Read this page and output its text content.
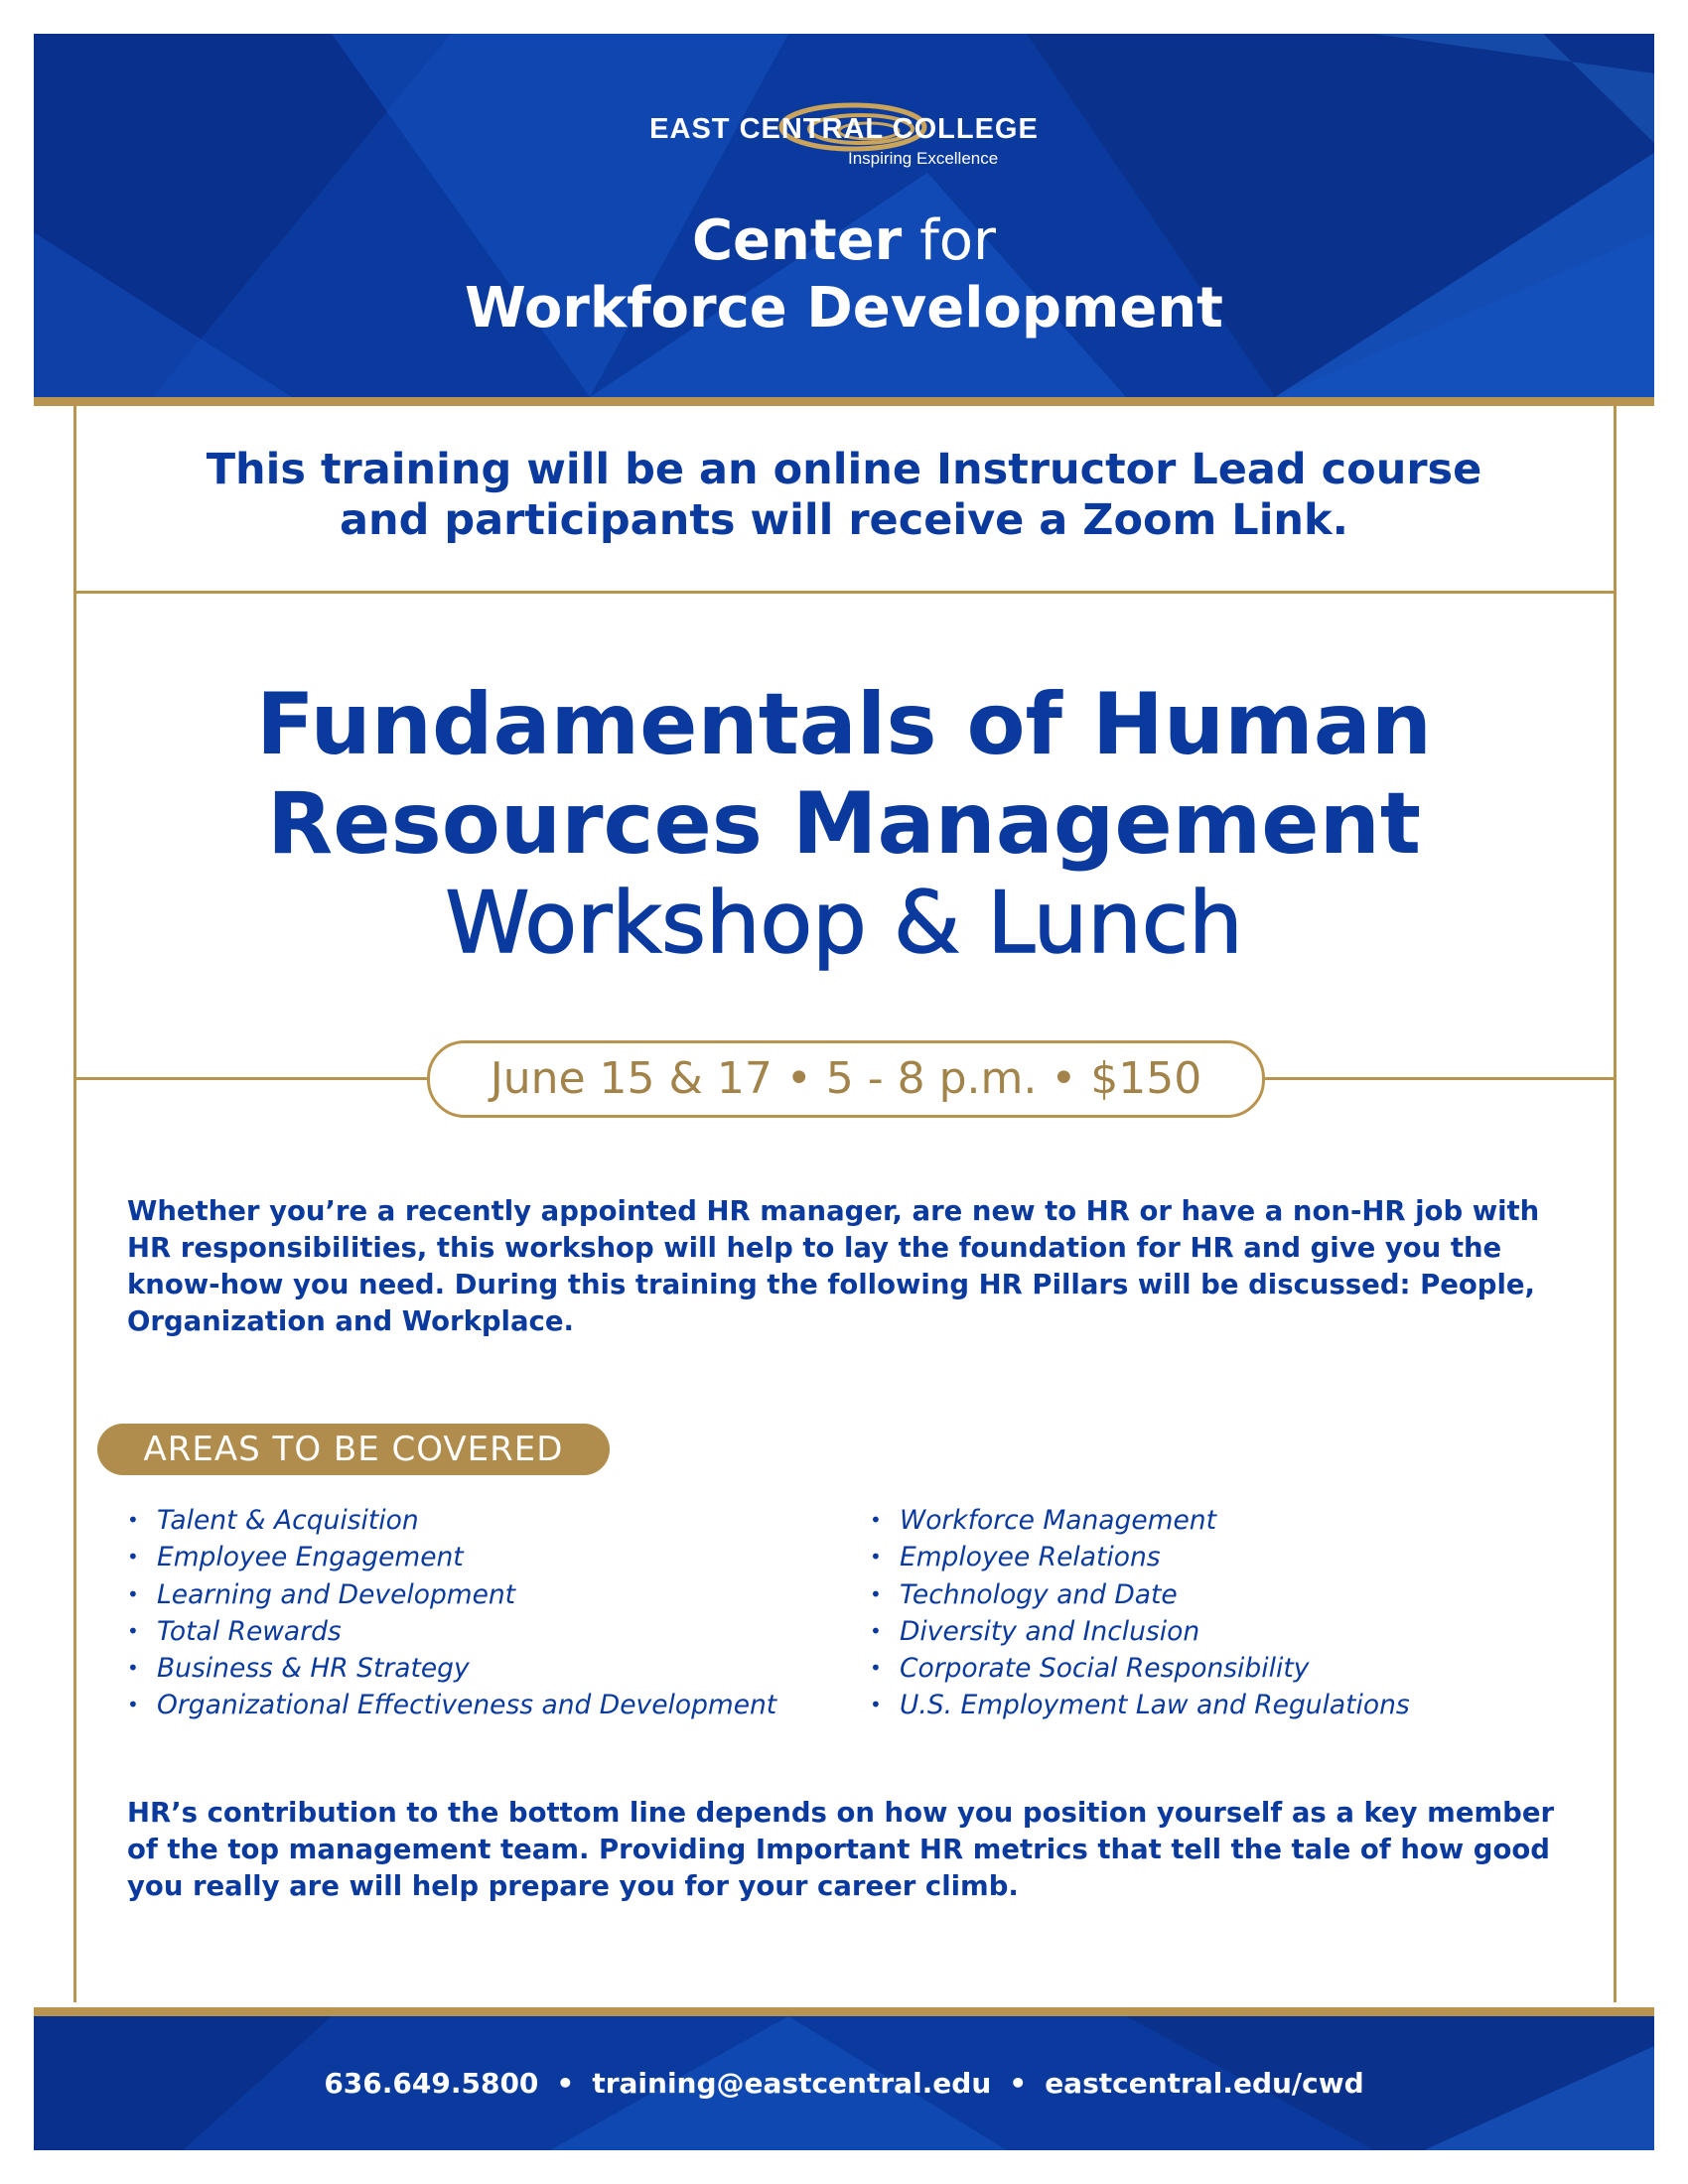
EAST CENTRAL COLLEGE
Inspiring Excellence
Center for
Workforce Development
This training will be an online Instructor Lead course
and participants will receive a Zoom Link.
Fundamentals of Human
Resources Management
Workshop & Lunch
June 15 & 17 • 5 - 8 p.m. • $150
Whether you’re a recently appointed HR manager, are new to HR or have a non-HR job with HR responsibilities, this workshop will help to lay the foundation for HR and give you the know-how you need. During this training the following HR Pillars will be discussed: People, Organization and Workplace.
AREAS TO BE COVERED
• Talent & Acquisition
• Employee Engagement
• Learning and Development
• Total Rewards
• Business & HR Strategy
• Organizational Effectiveness and Development
• Workforce Management
• Employee Relations
• Technology and Date
• Diversity and Inclusion
• Corporate Social Responsibility
• U.S. Employment Law and Regulations
HR’s contribution to the bottom line depends on how you position yourself as a key member of the top management team. Providing Important HR metrics that tell the tale of how good you really are will help prepare you for your career climb.
636.649.5800 • training@eastcentral.edu • eastcentral.edu/cwd
